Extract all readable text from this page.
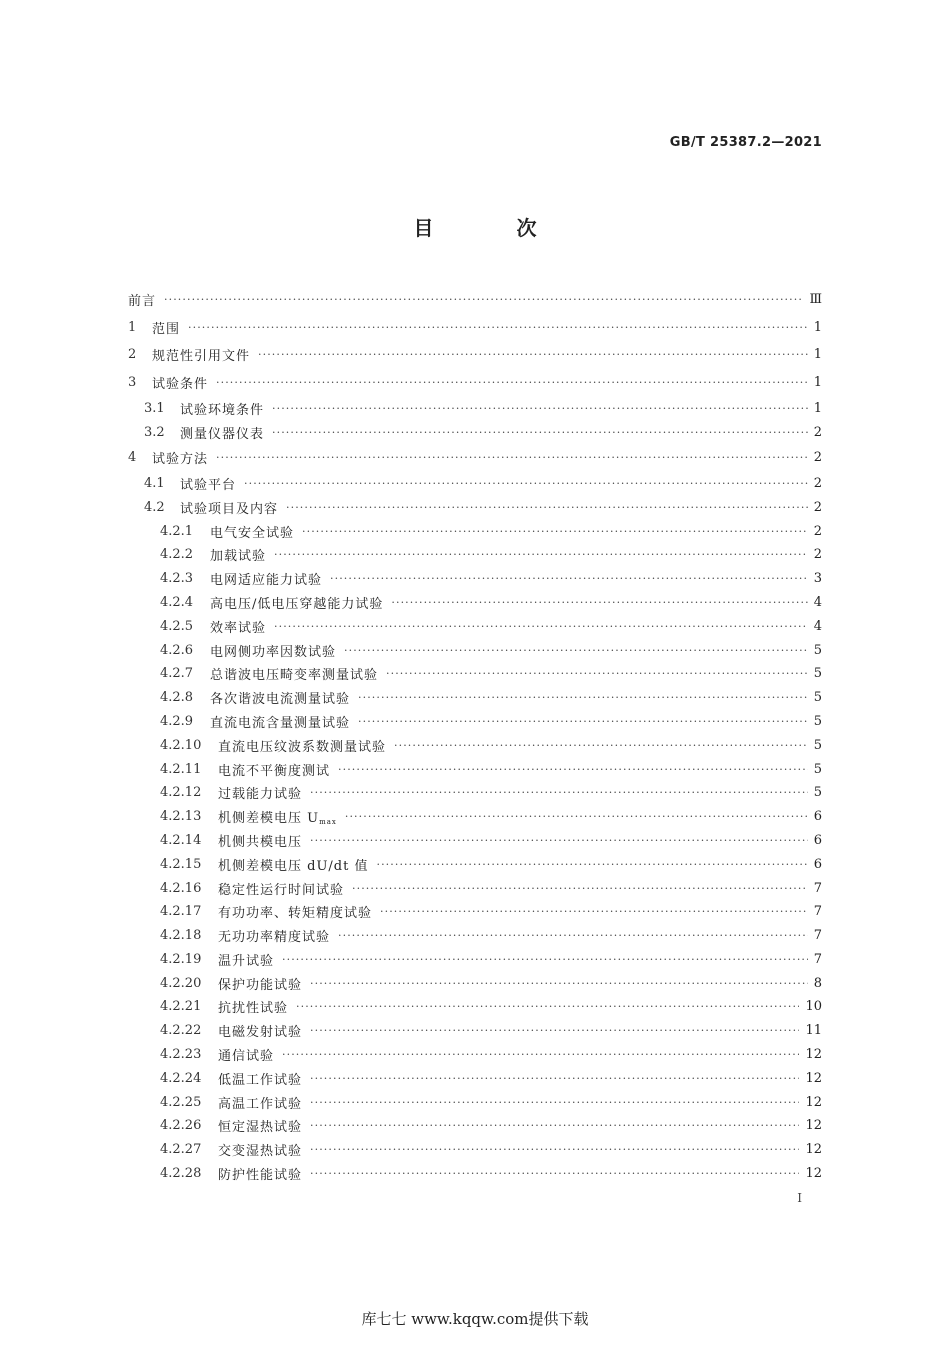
GB/T 25387.2—2021
目 次
前言 ·····	Ⅲ
1	范围 ·····	1
2	规范性引用文件 ·····	1
3	试验条件 ·····	1
3.1	试验环境条件 ·····	1
3.2	测量仪器仪表 ·····	2
4	试验方法 ·····	2
4.1	试验平台 ·····	2
4.2	试验项目及内容 ·····	2
4.2.1	电气安全试验 ·····	2
4.2.2	加载试验 ·····	2
4.2.3	电网适应能力试验 ·····	3
4.2.4	高电压/低电压穿越能力试验 ·····	4
4.2.5	效率试验 ·····	4
4.2.6	电网侧功率因数试验 ·····	5
4.2.7	总谐波电压畸变率测量试验 ·····	5
4.2.8	各次谐波电流测量试验 ·····	5
4.2.9	直流电流含量测量试验 ·····	5
4.2.10	直流电压纹波系数测量试验 ·····	5
4.2.11	电流不平衡度测试 ·····	5
4.2.12	过载能力试验 ·····	5
4.2.13	机侧差模电压 $U_{max}$ ·····	6
4.2.14	机侧共模电压 ·····	6
4.2.15	机侧差模电压 dU/dt 值 ·····	6
4.2.16	稳定性运行时间试验 ·····	7
4.2.17	有功功率、转矩精度试验 ·····	7
4.2.18	无功功率精度试验 ·····	7
4.2.19	温升试验 ·····	7
4.2.20	保护功能试验 ·····	8
4.2.21	抗扰性试验 ·····	10
4.2.22	电磁发射试验 ·····	11
4.2.23	通信试验 ·····	12
4.2.24	低温工作试验 ·····	12
4.2.25	高温工作试验 ·····	12
4.2.26	恒定湿热试验 ·····	12
4.2.27	交变湿热试验 ·····	12
4.2.28	防护性能试验 ·····	12
I
库七七 www.kqqw.com提供下载
